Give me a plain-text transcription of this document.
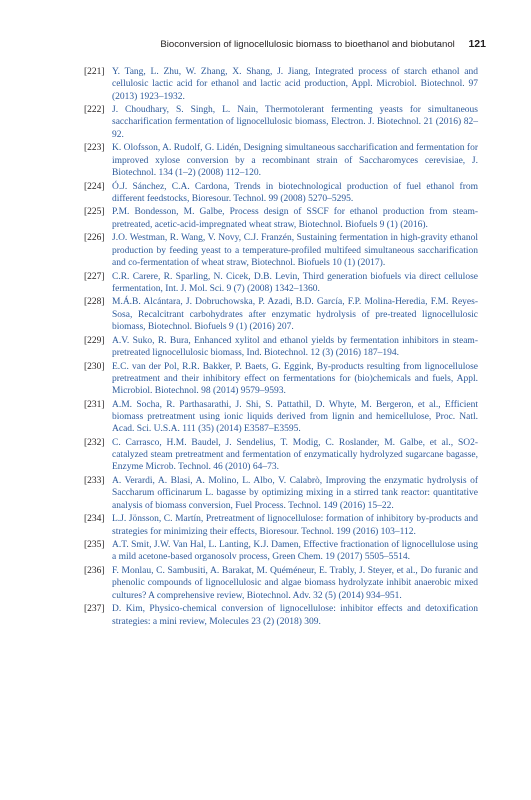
Bioconversion of lignocellulosic biomass to bioethanol and biobutanol 121
[221] Y. Tang, L. Zhu, W. Zhang, X. Shang, J. Jiang, Integrated process of starch ethanol and cellulosic lactic acid for ethanol and lactic acid production, Appl. Microbiol. Biotechnol. 97 (2013) 1923–1932.
[222] J. Choudhary, S. Singh, L. Nain, Thermotolerant fermenting yeasts for simultaneous saccharification fermentation of lignocellulosic biomass, Electron. J. Biotechnol. 21 (2016) 82–92.
[223] K. Olofsson, A. Rudolf, G. Lidén, Designing simultaneous saccharification and fermentation for improved xylose conversion by a recombinant strain of Saccharomyces cerevisiae, J. Biotechnol. 134 (1–2) (2008) 112–120.
[224] Ó.J. Sánchez, C.A. Cardona, Trends in biotechnological production of fuel ethanol from different feedstocks, Bioresour. Technol. 99 (2008) 5270–5295.
[225] P.M. Bondesson, M. Galbe, Process design of SSCF for ethanol production from steam-pretreated, acetic-acid-impregnated wheat straw, Biotechnol. Biofuels 9 (1) (2016).
[226] J.O. Westman, R. Wang, V. Novy, C.J. Franzén, Sustaining fermentation in high-gravity ethanol production by feeding yeast to a temperature-profiled multifeed simultaneous saccharification and co-fermentation of wheat straw, Biotechnol. Biofuels 10 (1) (2017).
[227] C.R. Carere, R. Sparling, N. Cicek, D.B. Levin, Third generation biofuels via direct cellulose fermentation, Int. J. Mol. Sci. 9 (7) (2008) 1342–1360.
[228] M.Á.B. Alcántara, J. Dobruchowska, P. Azadi, B.D. García, F.P. Molina-Heredia, F.M. Reyes-Sosa, Recalcitrant carbohydrates after enzymatic hydrolysis of pre-treated lignocellulosic biomass, Biotechnol. Biofuels 9 (1) (2016) 207.
[229] A.V. Suko, R. Bura, Enhanced xylitol and ethanol yields by fermentation inhibitors in steam-pretreated lignocellulosic biomass, Ind. Biotechnol. 12 (3) (2016) 187–194.
[230] E.C. van der Pol, R.R. Bakker, P. Baets, G. Eggink, By-products resulting from lignocellulose pretreatment and their inhibitory effect on fermentations for (bio)chemicals and fuels, Appl. Microbiol. Biotechnol. 98 (2014) 9579–9593.
[231] A.M. Socha, R. Parthasarathi, J. Shi, S. Pattathil, D. Whyte, M. Bergeron, et al., Efficient biomass pretreatment using ionic liquids derived from lignin and hemicellulose, Proc. Natl. Acad. Sci. U.S.A. 111 (35) (2014) E3587–E3595.
[232] C. Carrasco, H.M. Baudel, J. Sendelius, T. Modig, C. Roslander, M. Galbe, et al., SO2-catalyzed steam pretreatment and fermentation of enzymatically hydrolyzed sugarcane bagasse, Enzyme Microb. Technol. 46 (2010) 64–73.
[233] A. Verardi, A. Blasi, A. Molino, L. Albo, V. Calabrò, Improving the enzymatic hydrolysis of Saccharum officinarum L. bagasse by optimizing mixing in a stirred tank reactor: quantitative analysis of biomass conversion, Fuel Process. Technol. 149 (2016) 15–22.
[234] L.J. Jönsson, C. Martín, Pretreatment of lignocellulose: formation of inhibitory by-products and strategies for minimizing their effects, Bioresour. Technol. 199 (2016) 103–112.
[235] A.T. Smit, J.W. Van Hal, L. Lanting, K.J. Damen, Effective fractionation of lignocellulose using a mild acetone-based organosolv process, Green Chem. 19 (2017) 5505–5514.
[236] F. Monlau, C. Sambusiti, A. Barakat, M. Quéméneur, E. Trably, J. Steyer, et al., Do furanic and phenolic compounds of lignocellulosic and algae biomass hydrolyzate inhibit anaerobic mixed cultures? A comprehensive review, Biotechnol. Adv. 32 (5) (2014) 934–951.
[237] D. Kim, Physico-chemical conversion of lignocellulose: inhibitor effects and detoxification strategies: a mini review, Molecules 23 (2) (2018) 309.
